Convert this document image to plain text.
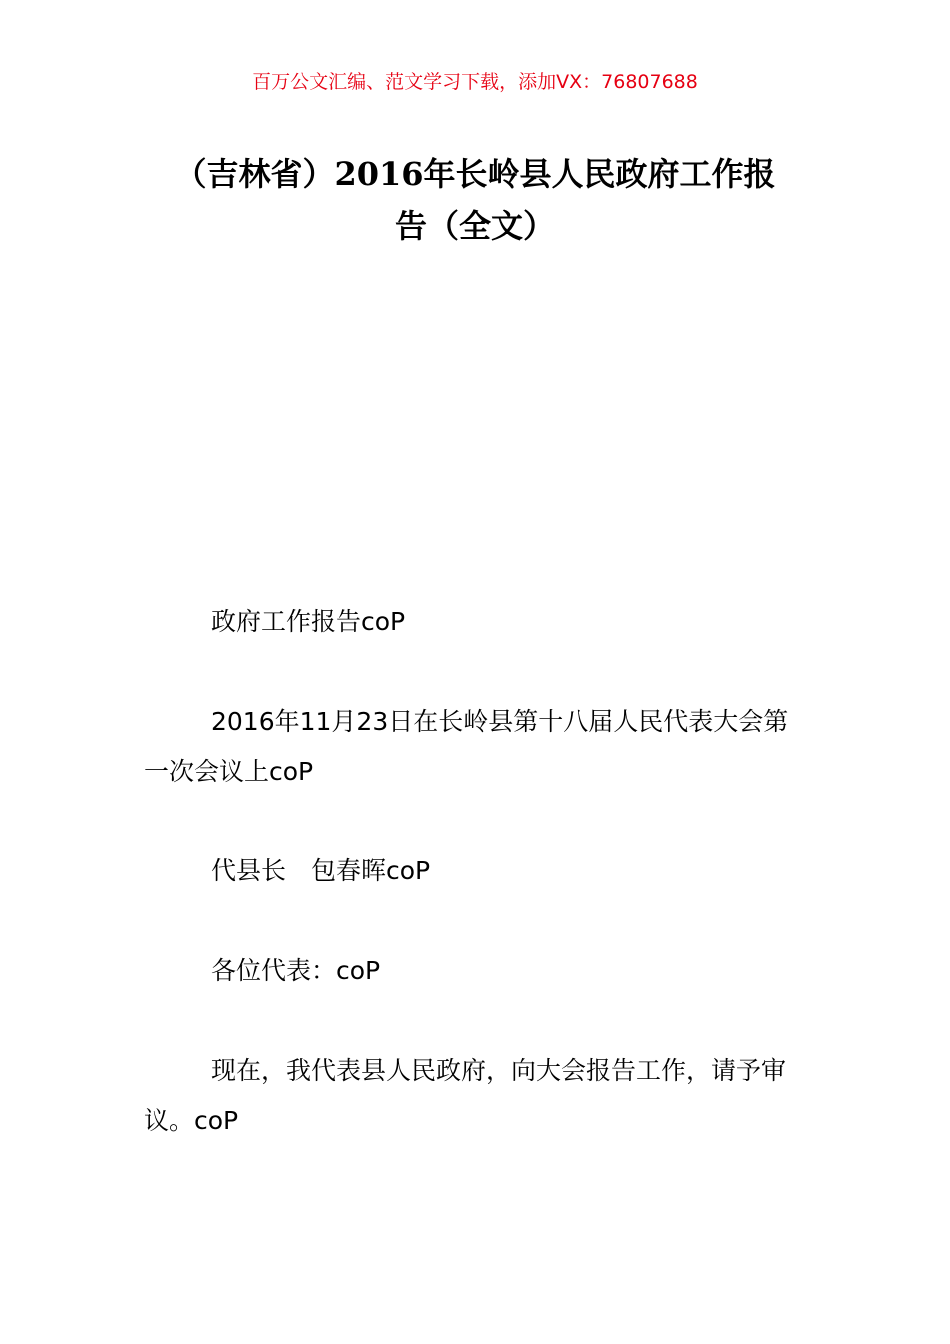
百万公文汇编、范文学习下载，添加VX：76807688
（吉林省）2016年长岭县人民政府工作报
告（全文）

政府工作报告coP

2016年11月23日在长岭县第十八届人民代表大会第一次会议上coP

代县长　包春晖coP

各位代表：coP

现在，我代表县人民政府，向大会报告工作，请予审议。coP
